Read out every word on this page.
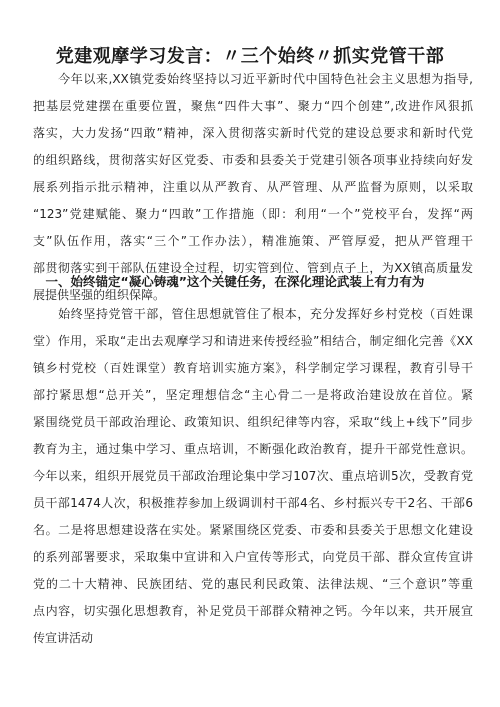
党建观摩学习发言：〃三个始终〃抓实党管干部

　　今年以来,XX镇党委始终坚持以习近平新时代中国特色社会主义思想为指导,
把基层党建摆在重要位置，聚焦“四件大事”、聚力“四个创建”,改进作风狠抓
落实，大力发扬“四敢”精神，深入贯彻落实新时代党的建设总要求和新时代党
的组织路线，贯彻落实好区党委、市委和县委关于党建引领各项事业持续向好发
展系列指示批示精神，注重以从严教育、从严管理、从严监督为原则，以采取
“123”党建赋能、聚力“四敢”工作措施（即：利用“一个”党校平台，发挥“两
支”队伍作用，落实“三个”工作办法），精准施策、严管厚爱，把从严管理干
部贯彻落实到干部队伍建设全过程，切实管到位、管到点子上，为XX镇高质量发
展提供坚强的组织保障。

　一、始终锚定“凝心铸魂”这个关键任务，在深化理论武装上有力有为

　　始终坚持党管干部，管住思想就管住了根本，充分发挥好乡村党校（百姓课
堂）作用，采取“走出去观摩学习和请进来传授经验”相结合，制定细化完善《XX
镇乡村党校（百姓课堂）教育培训实施方案》，科学制定学习课程，教育引导干
部拧紧思想“总开关”，坚定理想信念“主心骨二一是将政治建设放在首位。紧
紧围绕党员干部政治理论、政策知识、组织纪律等内容，采取“线上+线下”同步
教育为主，通过集中学习、重点培训，不断强化政治教育，提升干部党性意识。
今年以来，组织开展党员干部政治理论集中学习107次、重点培训5次，受教育党
员干部1474人次，积极推荐参加上级调训村干部4名、乡村振兴专干2名、干部6
名。二是将思想建设落在实处。紧紧围绕区党委、市委和县委关于思想文化建设
的系列部署要求，采取集中宣讲和入户宣传等形式，向党员干部、群众宣传宣讲
党的二十大精神、民族团结、党的惠民利民政策、法律法规、“三个意识”等重
点内容，切实强化思想教育，补足党员干部群众精神之钙。今年以来，共开展宣
传宣讲活动
